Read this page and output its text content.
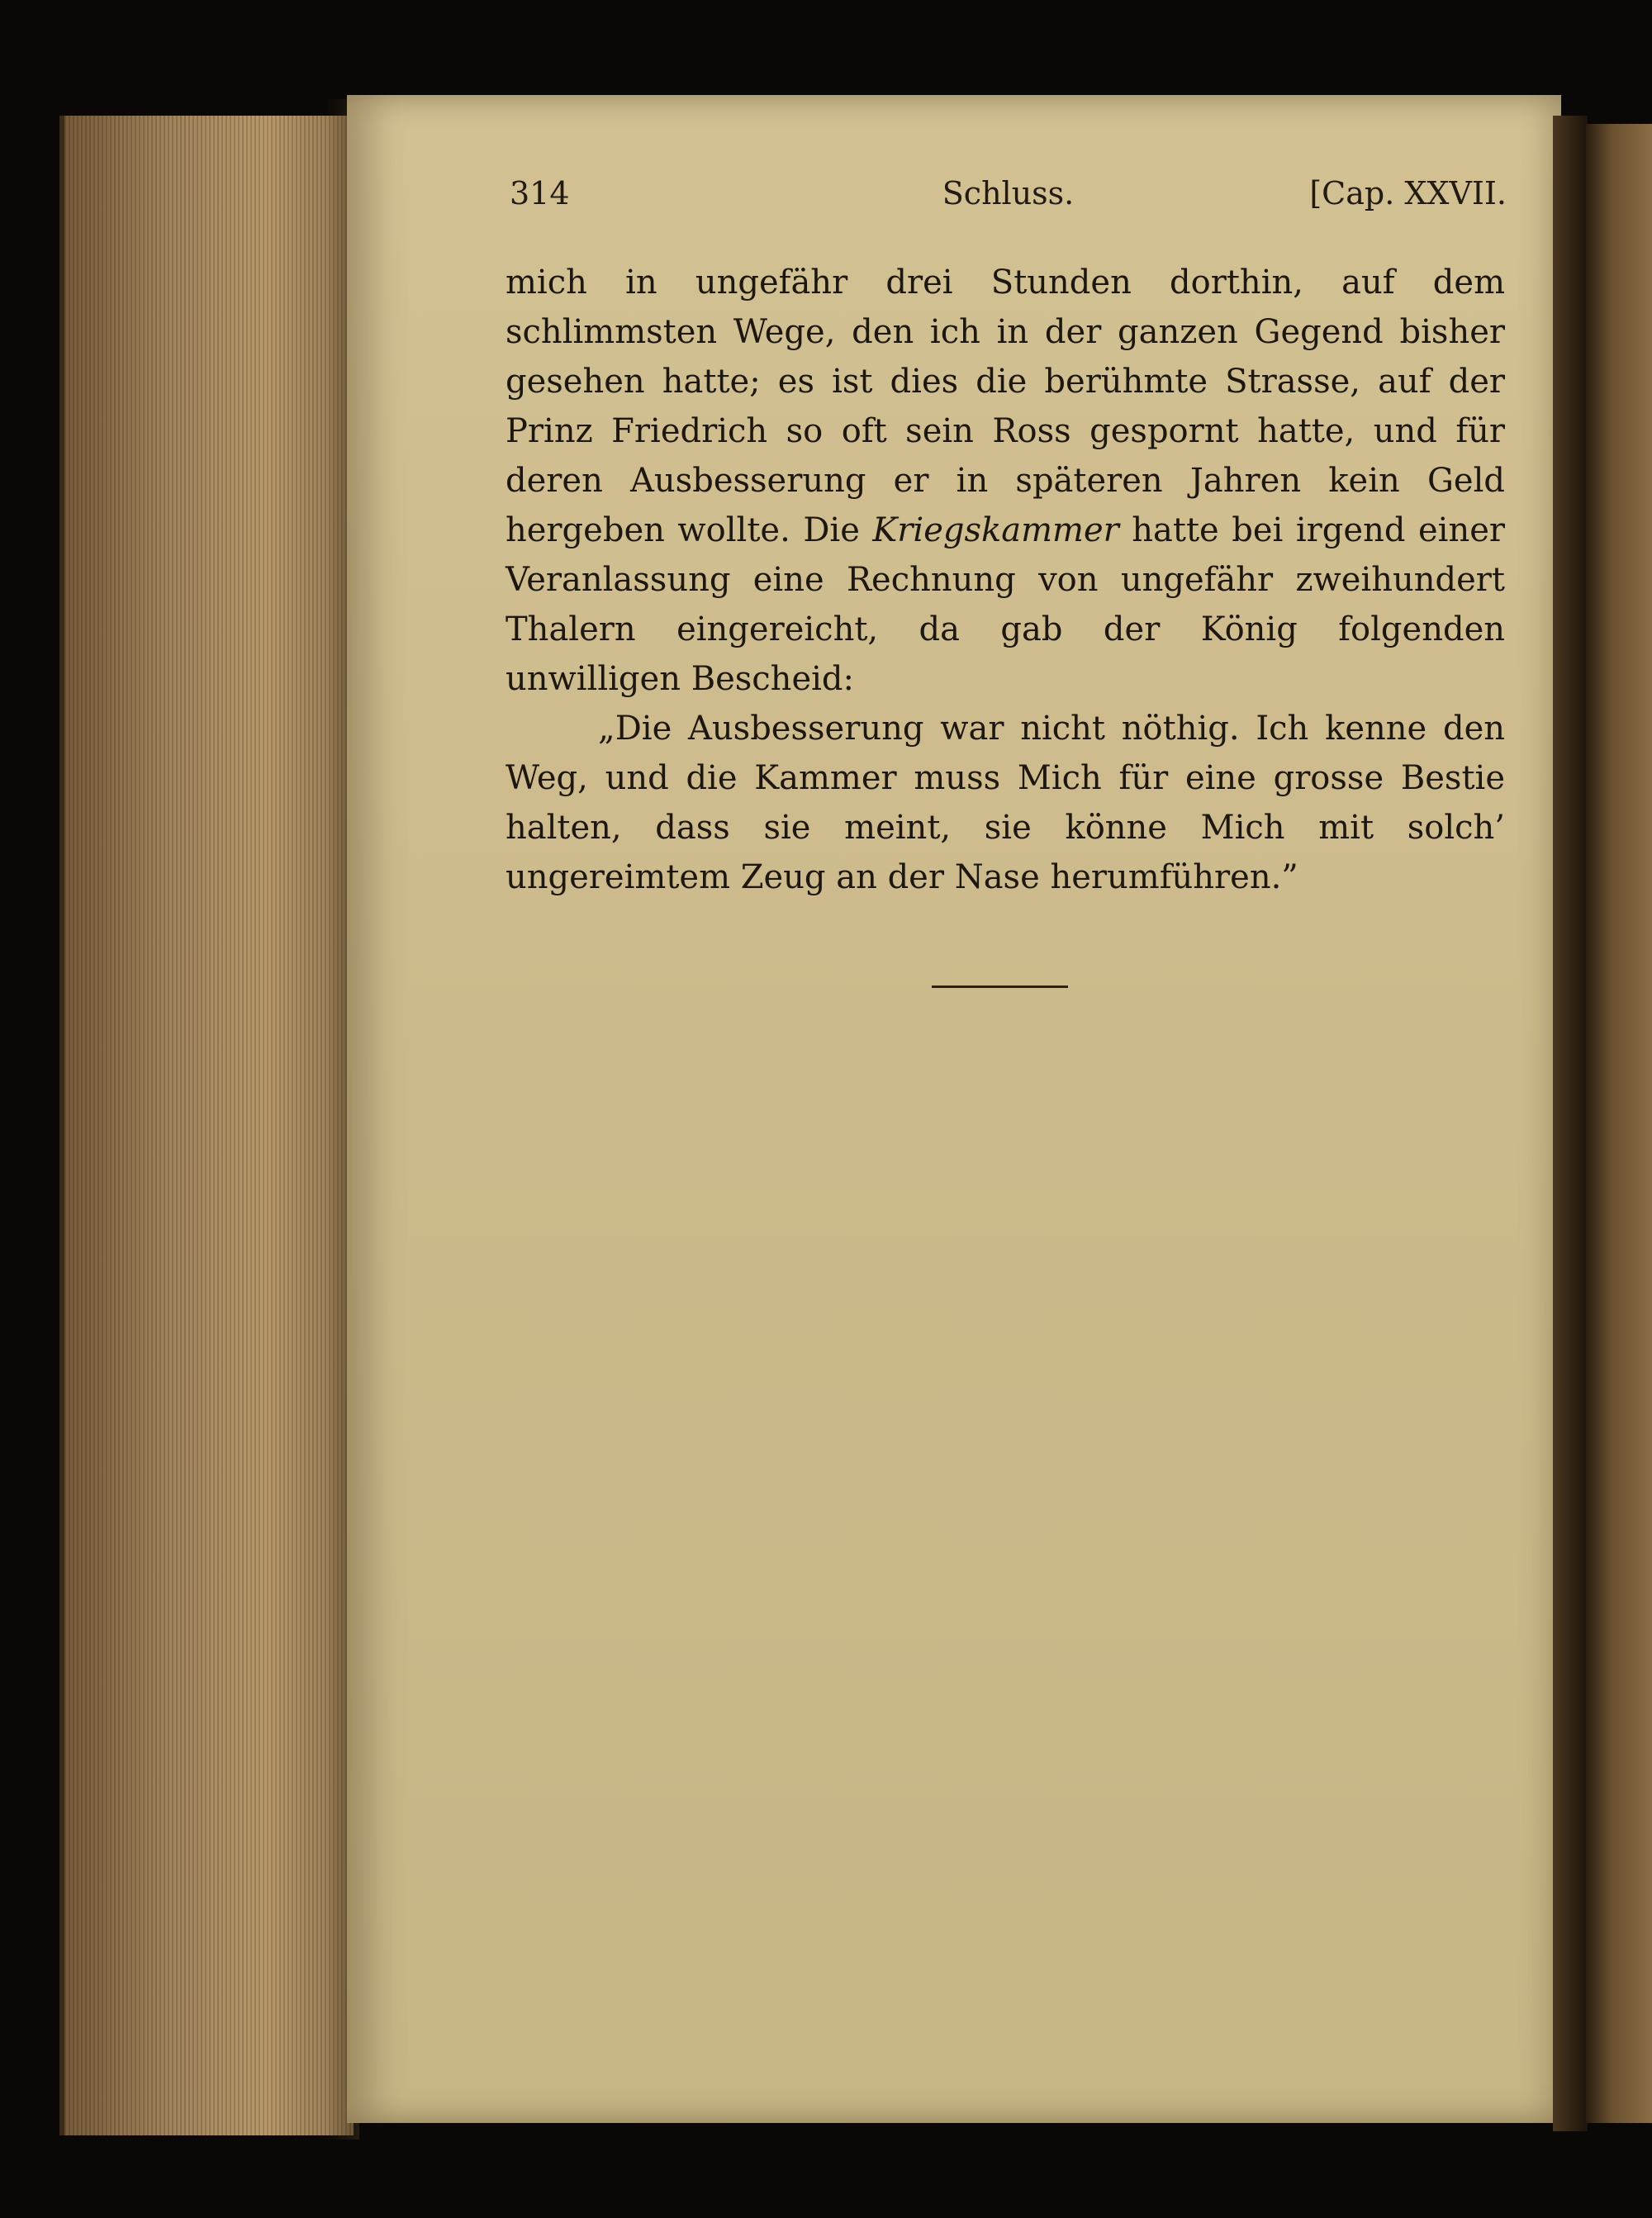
314	Schluss.	[Cap. XXVII.

mich in ungefähr drei Stunden dorthin, auf dem schlimmsten Wege, den ich in der ganzen Gegend bisher gesehen hatte; es ist dies die berühmte Strasse, auf der Prinz Friedrich so oft sein Ross gespornt hatte, und für deren Ausbesserung er in späteren Jahren kein Geld hergeben wollte. Die Kriegskammer hatte bei irgend einer Veranlassung eine Rechnung von ungefähr zweihundert Thalern eingereicht, da gab der König folgenden unwilligen Bescheid:

„Die Ausbesserung war nicht nöthig. Ich kenne den Weg, und die Kammer muss Mich für eine grosse Bestie halten, dass sie meint, sie könne Mich mit solch’ ungereimtem Zeug an der Nase herumführen.”
